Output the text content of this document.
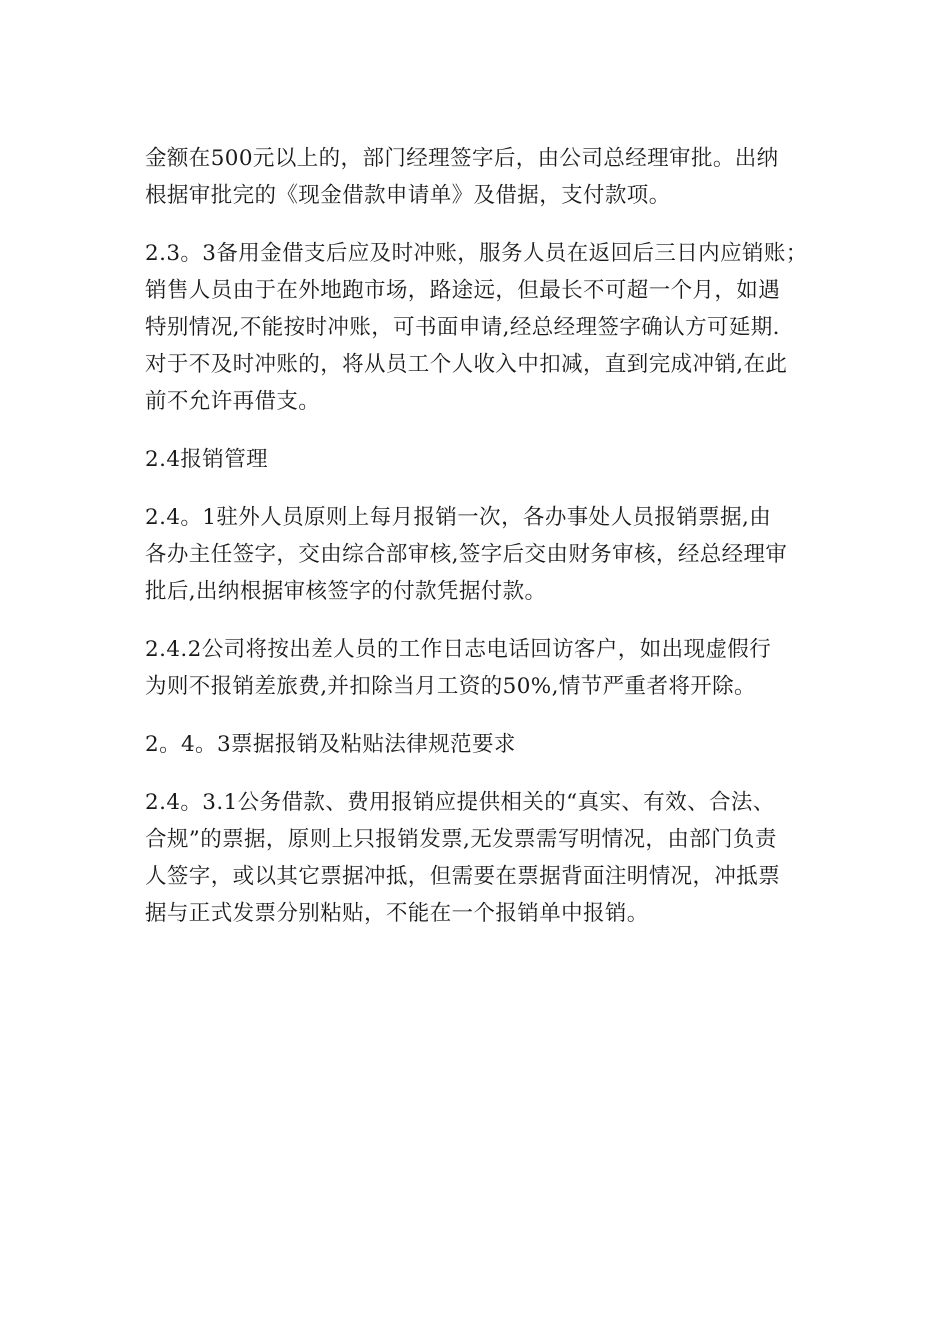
金额在500元以上的，部门经理签字后，由公司总经理审批。出纳
根据审批完的《现金借款申请单》及借据，支付款项。

2.3。3备用金借支后应及时冲账，服务人员在返回后三日内应销账；
销售人员由于在外地跑市场，路途远，但最长不可超一个月，如遇
特别情况,不能按时冲账，可书面申请,经总经理签字确认方可延期.
对于不及时冲账的，将从员工个人收入中扣减，直到完成冲销,在此
前不允许再借支。

2.4报销管理

2.4。1驻外人员原则上每月报销一次，各办事处人员报销票据,由
各办主任签字，交由综合部审核,签字后交由财务审核，经总经理审
批后,出纳根据审核签字的付款凭据付款。

2.4.2公司将按出差人员的工作日志电话回访客户，如出现虚假行
为则不报销差旅费,并扣除当月工资的50%,情节严重者将开除。

2。4。3票据报销及粘贴法律规范要求

2.4。3.1公务借款、费用报销应提供相关的“真实、有效、合法、
合规”的票据，原则上只报销发票,无发票需写明情况，由部门负责
人签字，或以其它票据冲抵，但需要在票据背面注明情况，冲抵票
据与正式发票分别粘贴，不能在一个报销单中报销。
